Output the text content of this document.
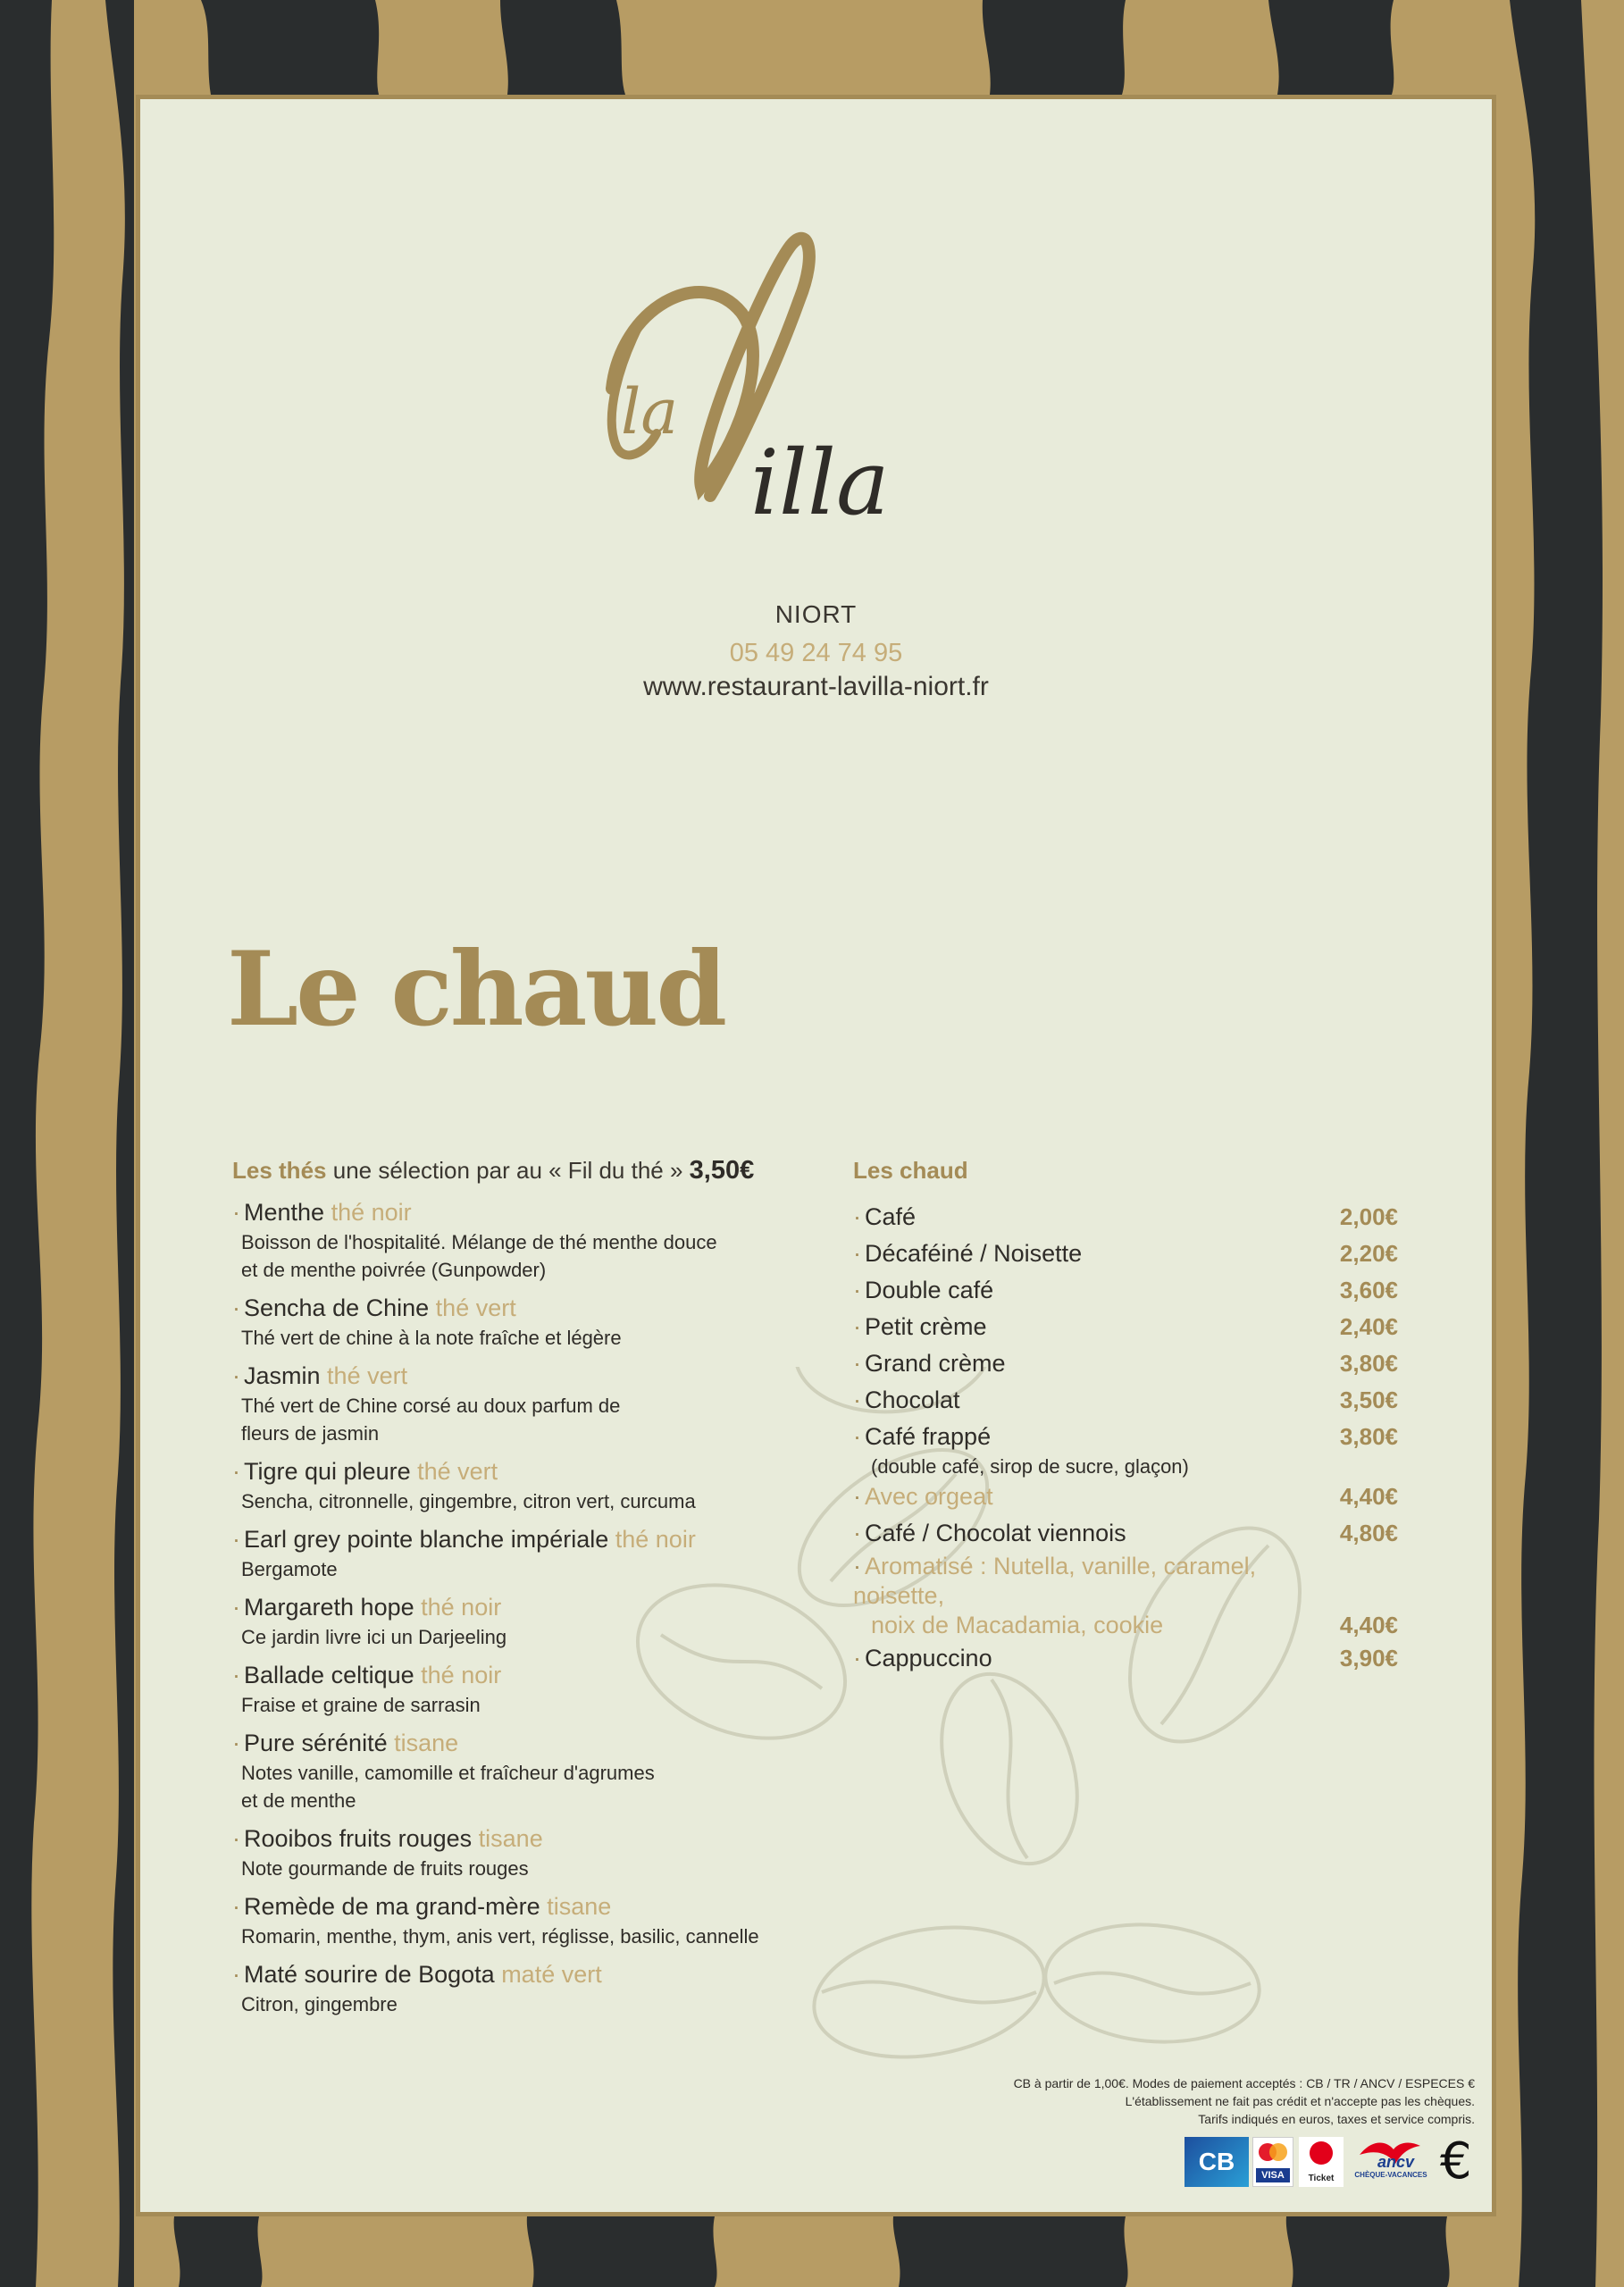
la
illa
NIORT
05 49 24 74 95
www.restaurant-lavilla-niort.fr
Le chaud
Les thés une sélection par au « Fil du thé » 3,50€
· Menthe thé noir
Boisson de l'hospitalité. Mélange de thé menthe douce
et de menthe poivrée (Gunpowder)
· Sencha de Chine thé vert
Thé vert de chine à la note fraîche et légère
· Jasmin thé vert
Thé vert de Chine corsé au doux parfum de
fleurs de jasmin
· Tigre qui pleure thé vert
Sencha, citronnelle, gingembre, citron vert, curcuma
· Earl grey pointe blanche impériale thé noir
Bergamote
· Margareth hope thé noir
Ce jardin livre ici un Darjeeling
· Ballade celtique thé noir
Fraise et graine de sarrasin
· Pure sérénité tisane
Notes vanille, camomille et fraîcheur d'agrumes
et de menthe
· Rooibos fruits rouges tisane
Note gourmande de fruits rouges
· Remède de ma grand-mère tisane
Romarin, menthe, thym, anis vert, réglisse, basilic, cannelle
· Maté sourire de Bogota maté vert
Citron, gingembre
Les chaud
· Café	2,00€
· Décaféiné / Noisette	2,20€
· Double café	3,60€
· Petit crème	2,40€
· Grand crème	3,80€
· Chocolat	3,50€
· Café frappé	3,80€
(double café, sirop de sucre, glaçon)
· Avec orgeat	4,40€
· Café / Chocolat viennois	4,80€
· Aromatisé : Nutella, vanille, caramel, noisette,
noix de Macadamia, cookie	4,40€
· Cappuccino	3,90€
CB à partir de 1,00€. Modes de paiement acceptés : CB / TR / ANCV / ESPECES €
L'établissement ne fait pas crédit et n'accepte pas les chèques.
Tarifs indiqués en euros, taxes et service compris.
CB	VISA	Ticket
ancv
CHÈQUE-VACANCES €
